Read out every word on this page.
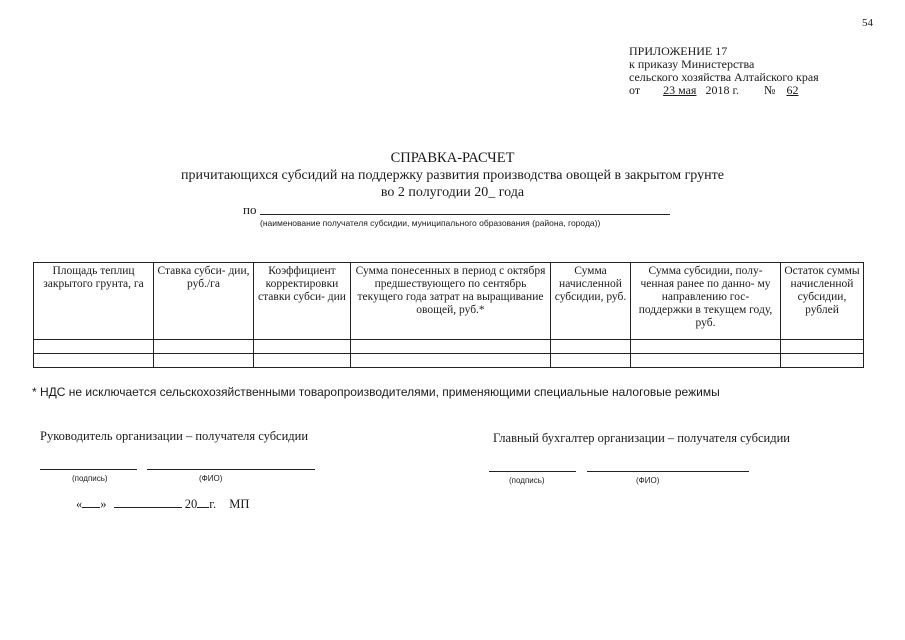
54
ПРИЛОЖЕНИЕ 17
к приказу Министерства
сельского хозяйства Алтайского края
от 23 мая 2018 г. № 62
СПРАВКА-РАСЧЕТ
причитающихся субсидий на поддержку развития производства овощей в закрытом грунте
во 2 полугодии 20_ года
по
(наименование получателя субсидии, муниципального образования (района, города))
Площадь теплиц закрытого грунта, га	Ставка субси- дии, руб./га	Коэффициент корректировки ставки субси- дии	Сумма понесенных в период с октября предшествующего по сентябрь текущего года затрат на выращивание овощей, руб.*	Сумма начисленной субсидии, руб.	Сумма субсидии, полу- ченная ранее по данно- му направлению гос- поддержки в текущем году, руб.	Остаток суммы начисленной субсидии, рублей

* НДС не исключается сельскохозяйственными товаропроизводителями, применяющими специальные налоговые режимы
Руководитель организации – получателя субсидии
(подпись)	(ФИО)
Главный бухгалтер организации – получателя субсидии
(подпись)	(ФИО)
« »	20 г. МП
